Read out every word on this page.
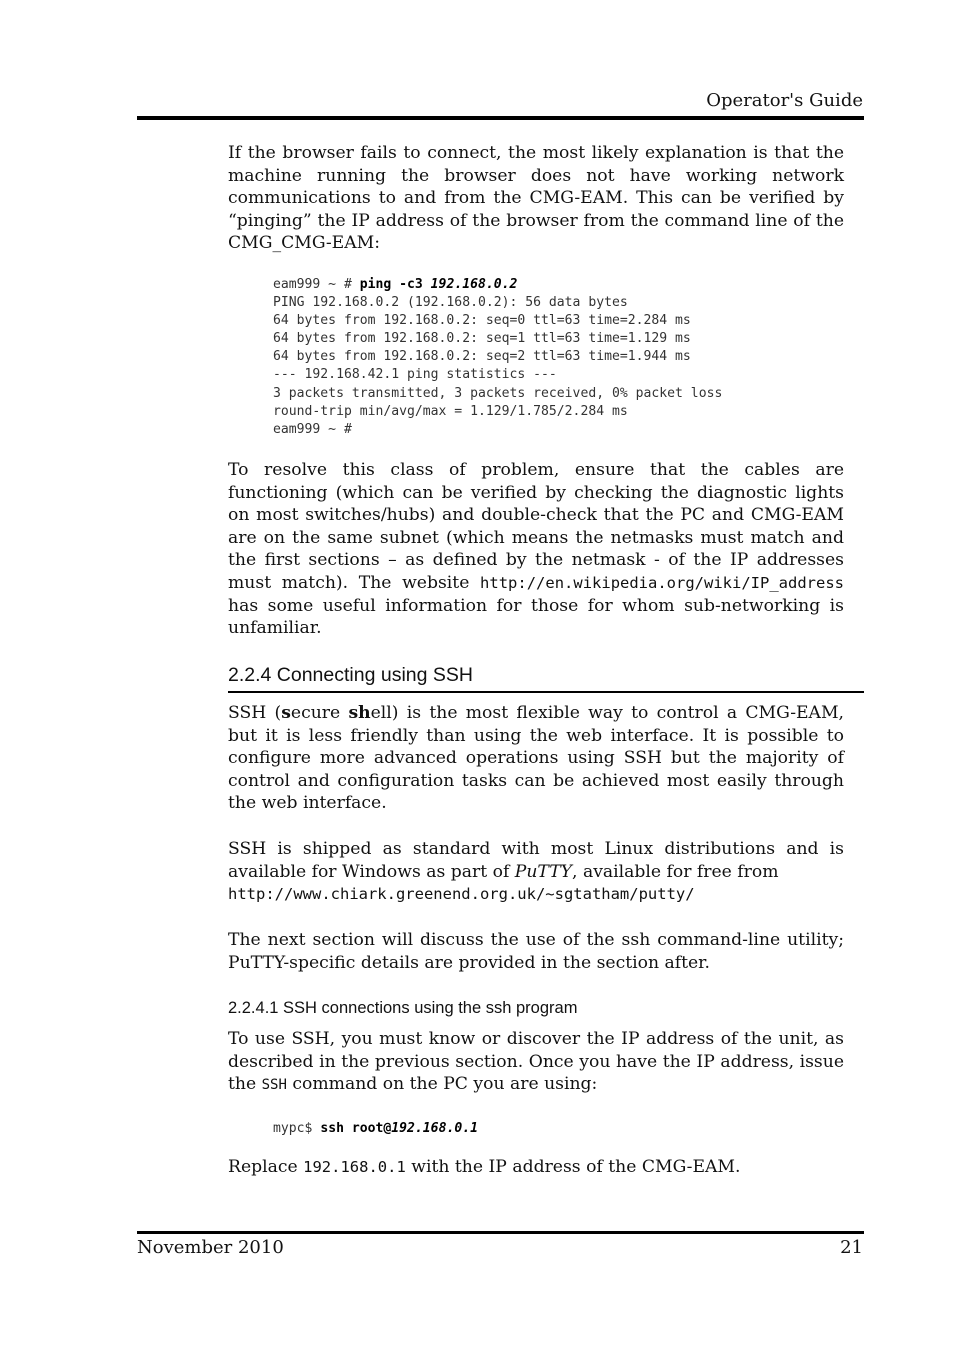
Operator's Guide

If the browser fails to connect, the most likely explanation is that the machine running the browser does not have working network communications to and from the CMG-EAM. This can be verified by “pinging” the IP address of the browser from the command line of the CMG_CMG-EAM:

eam999 ~ # ping -c3 192.168.0.2
PING 192.168.0.2 (192.168.0.2): 56 data bytes
64 bytes from 192.168.0.2: seq=0 ttl=63 time=2.284 ms
64 bytes from 192.168.0.2: seq=1 ttl=63 time=1.129 ms
64 bytes from 192.168.0.2: seq=2 ttl=63 time=1.944 ms
--- 192.168.42.1 ping statistics ---
3 packets transmitted, 3 packets received, 0% packet loss
round-trip min/avg/max = 1.129/1.785/2.284 ms
eam999 ~ #

To resolve this class of problem, ensure that the cables are functioning (which can be verified by checking the diagnostic lights on most switches/hubs) and double-check that the PC and CMG-EAM are on the same subnet (which means the netmasks must match and the first sections – as defined by the netmask - of the IP addresses must match). The website http://en.wikipedia.org/wiki/IP_address has some useful information for those for whom sub-networking is unfamiliar.

2.2.4 Connecting using SSH

SSH (secure shell) is the most flexible way to control a CMG-EAM, but it is less friendly than using the web interface. It is possible to configure more advanced operations using SSH but the majority of control and configuration tasks can be achieved most easily through the web interface.

SSH is shipped as standard with most Linux distributions and is available for Windows as part of PuTTY, available for free from
http://www.chiark.greenend.org.uk/~sgtatham/putty/

The next section will discuss the use of the ssh command-line utility; PuTTY-specific details are provided in the section after.

2.2.4.1 SSH connections using the ssh program

To use SSH, you must know or discover the IP address of the unit, as described in the previous section. Once you have the IP address, issue the SSH command on the PC you are using:

mypc$ ssh root@192.168.0.1

Replace 192.168.0.1 with the IP address of the CMG-EAM.

November 2010	21
